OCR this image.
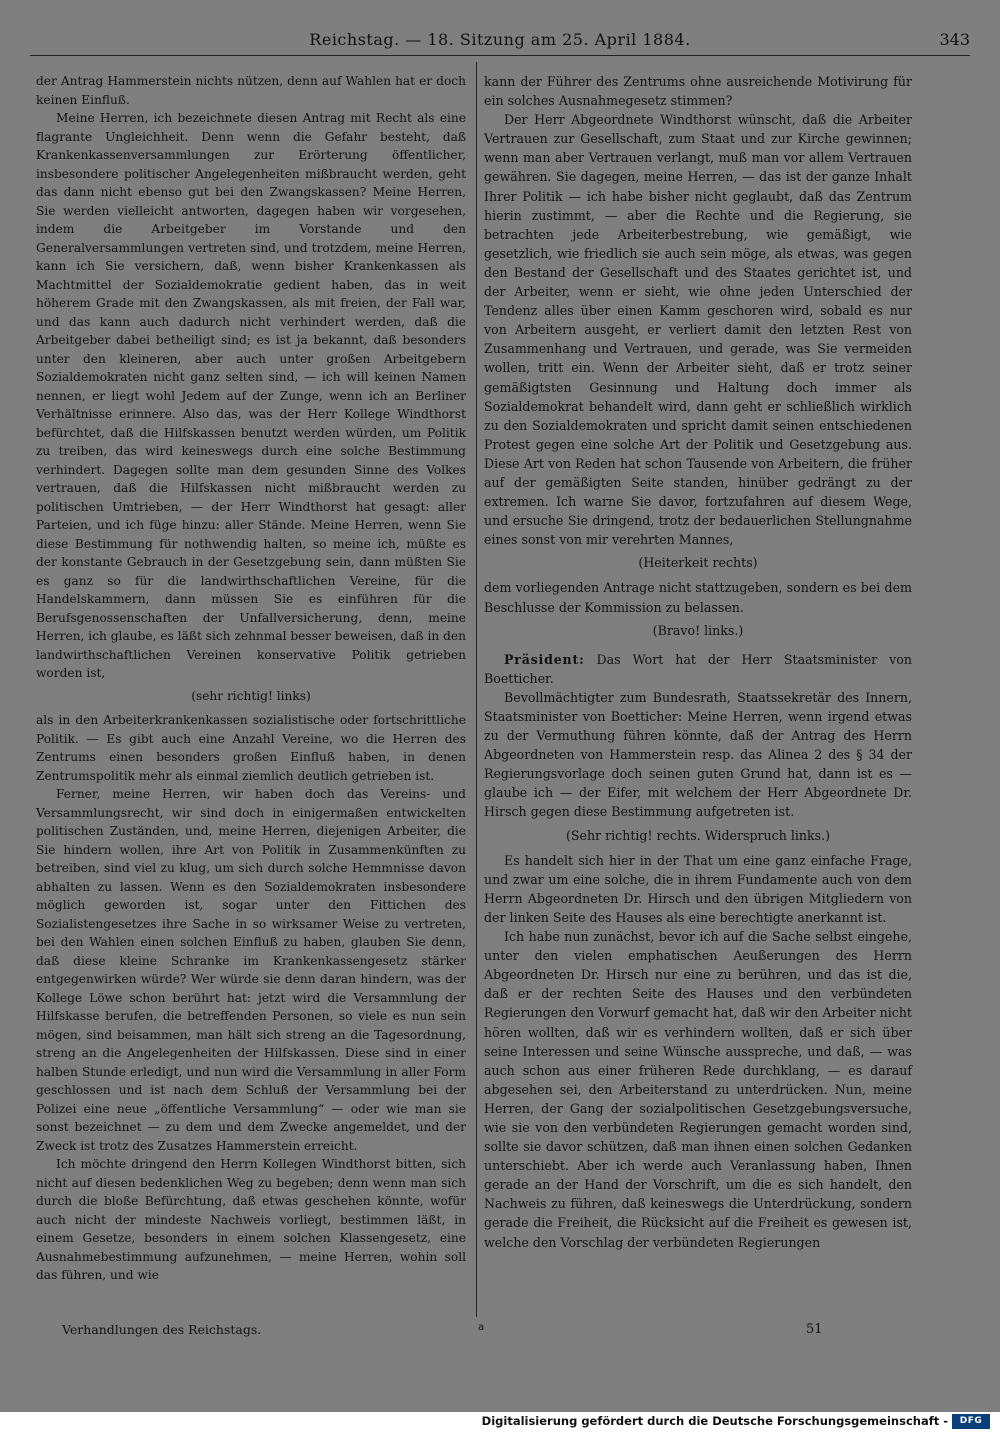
Reichstag. — 18. Sitzung am 25. April 1884.	343

der Antrag Hammerstein nichts nützen, denn auf Wahlen hat er doch keinen Einfluß.

Meine Herren, ich bezeichnete diesen Antrag mit Recht als eine flagrante Ungleichheit. Denn wenn die Gefahr besteht, daß Krankenkassenversammlungen zur Erörterung öffentlicher, insbesondere politischer Angelegenheiten mißbraucht werden, geht das dann nicht ebenso gut bei den Zwangskassen? Meine Herren, Sie werden vielleicht antworten, dagegen haben wir vorgesehen, indem die Arbeitgeber im Vorstande und den Generalversammlungen vertreten sind, und trotzdem, meine Herren, kann ich Sie versichern, daß, wenn bisher Krankenkassen als Machtmittel der Sozialdemokratie gedient haben, das in weit höherem Grade mit den Zwangskassen, als mit freien, der Fall war, und das kann auch dadurch nicht verhindert werden, daß die Arbeitgeber dabei betheiligt sind; es ist ja bekannt, daß besonders unter den kleineren, aber auch unter großen Arbeitgebern Sozialdemokraten nicht ganz selten sind, — ich will keinen Namen nennen, er liegt wohl Jedem auf der Zunge, wenn ich an Berliner Verhältnisse erinnere. Also das, was der Herr Kollege Windthorst befürchtet, daß die Hilfskassen benutzt werden würden, um Politik zu treiben, das wird keineswegs durch eine solche Bestimmung verhindert. Dagegen sollte man dem gesunden Sinne des Volkes vertrauen, daß die Hilfskassen nicht mißbraucht werden zu politischen Umtrieben, — der Herr Windthorst hat gesagt: aller Parteien, und ich füge hinzu: aller Stände. Meine Herren, wenn Sie diese Bestimmung für nothwendig halten, so meine ich, müßte es der konstante Gebrauch in der Gesetzgebung sein, dann müßten Sie es ganz so für die landwirthschaftlichen Vereine, für die Handelskammern, dann müssen Sie es einführen für die Berufsgenossenschaften der Unfallversicherung, denn, meine Herren, ich glaube, es läßt sich zehnmal besser beweisen, daß in den landwirthschaftlichen Vereinen konservative Politik getrieben worden ist,

(sehr richtig! links)

als in den Arbeiterkrankenkassen sozialistische oder fortschrittliche Politik. — Es gibt auch eine Anzahl Vereine, wo die Herren des Zentrums einen besonders großen Einfluß haben, in denen Zentrumspolitik mehr als einmal ziemlich deutlich getrieben ist.

Ferner, meine Herren, wir haben doch das Vereins- und Versammlungsrecht, wir sind doch in einigermaßen entwickelten politischen Zuständen, und, meine Herren, diejenigen Arbeiter, die Sie hindern wollen, ihre Art von Politik in Zusammenkünften zu betreiben, sind viel zu klug, um sich durch solche Hemmnisse davon abhalten zu lassen. Wenn es den Sozialdemokraten insbesondere möglich geworden ist, sogar unter den Fittichen des Sozialistengesetzes ihre Sache in so wirksamer Weise zu vertreten, bei den Wahlen einen solchen Einfluß zu haben, glauben Sie denn, daß diese kleine Schranke im Krankenkassengesetz stärker entgegenwirken würde? Wer würde sie denn daran hindern, was der Kollege Löwe schon berührt hat: jetzt wird die Versammlung der Hilfskasse berufen, die betreffenden Personen, so viele es nun sein mögen, sind beisammen, man hält sich streng an die Tagesordnung, streng an die Angelegenheiten der Hilfskassen. Diese sind in einer halben Stunde erledigt, und nun wird die Versammlung in aller Form geschlossen und ist nach dem Schluß der Versammlung bei der Polizei eine neue „öffentliche Versammlung“ — oder wie man sie sonst bezeichnet — zu dem und dem Zwecke angemeldet, und der Zweck ist trotz des Zusatzes Hammerstein erreicht.

Ich möchte dringend den Herrn Kollegen Windthorst bitten, sich nicht auf diesen bedenklichen Weg zu begeben; denn wenn man sich durch die bloße Befürchtung, daß etwas geschehen könnte, wofür auch nicht der mindeste Nachweis vorliegt, bestimmen läßt, in einem Gesetze, besonders in einem solchen Klassengesetz, eine Ausnahmebestimmung aufzunehmen, — meine Herren, wohin soll das führen, und wie

kann der Führer des Zentrums ohne ausreichende Motivirung für ein solches Ausnahmegesetz stimmen?

Der Herr Abgeordnete Windthorst wünscht, daß die Arbeiter Vertrauen zur Gesellschaft, zum Staat und zur Kirche gewinnen; wenn man aber Vertrauen verlangt, muß man vor allem Vertrauen gewähren. Sie dagegen, meine Herren, — das ist der ganze Inhalt Ihrer Politik — ich habe bisher nicht geglaubt, daß das Zentrum hierin zustimmt, — aber die Rechte und die Regierung, sie betrachten jede Arbeiterbestrebung, wie gemäßigt, wie gesetzlich, wie friedlich sie auch sein möge, als etwas, was gegen den Bestand der Gesellschaft und des Staates gerichtet ist, und der Arbeiter, wenn er sieht, wie ohne jeden Unterschied der Tendenz alles über einen Kamm geschoren wird, sobald es nur von Arbeitern ausgeht, er verliert damit den letzten Rest von Zusammenhang und Vertrauen, und gerade, was Sie vermeiden wollen, tritt ein. Wenn der Arbeiter sieht, daß er trotz seiner gemäßigtsten Gesinnung und Haltung doch immer als Sozialdemokrat behandelt wird, dann geht er schließlich wirklich zu den Sozialdemokraten und spricht damit seinen entschiedenen Protest gegen eine solche Art der Politik und Gesetzgebung aus. Diese Art von Reden hat schon Tausende von Arbeitern, die früher auf der gemäßigten Seite standen, hinüber gedrängt zu der extremen. Ich warne Sie davor, fortzufahren auf diesem Wege, und ersuche Sie dringend, trotz der bedauerlichen Stellungnahme eines sonst von mir verehrten Mannes,

(Heiterkeit rechts)

dem vorliegenden Antrage nicht stattzugeben, sondern es bei dem Beschlusse der Kommission zu belassen.

(Bravo! links.)

Präsident: Das Wort hat der Herr Staatsminister von Boetticher.

Bevollmächtigter zum Bundesrath, Staatssekretär des Innern, Staatsminister von Boetticher: Meine Herren, wenn irgend etwas zu der Vermuthung führen könnte, daß der Antrag des Herrn Abgeordneten von Hammerstein resp. das Alinea 2 des § 34 der Regierungsvorlage doch seinen guten Grund hat, dann ist es — glaube ich — der Eifer, mit welchem der Herr Abgeordnete Dr. Hirsch gegen diese Bestimmung aufgetreten ist.

(Sehr richtig! rechts. Widerspruch links.)

Es handelt sich hier in der That um eine ganz einfache Frage, und zwar um eine solche, die in ihrem Fundamente auch von dem Herrn Abgeordneten Dr. Hirsch und den übrigen Mitgliedern von der linken Seite des Hauses als eine berechtigte anerkannt ist.

Ich habe nun zunächst, bevor ich auf die Sache selbst eingehe, unter den vielen emphatischen Aeußerungen des Herrn Abgeordneten Dr. Hirsch nur eine zu berühren, und das ist die, daß er der rechten Seite des Hauses und den verbündeten Regierungen den Vorwurf gemacht hat, daß wir den Arbeiter nicht hören wollten, daß wir es verhindern wollten, daß er sich über seine Interessen und seine Wünsche ausspreche, und daß, — was auch schon aus einer früheren Rede durchklang, — es darauf abgesehen sei, den Arbeiterstand zu unterdrücken. Nun, meine Herren, der Gang der sozialpolitischen Gesetzgebungsversuche, wie sie von den verbündeten Regierungen gemacht worden sind, sollte sie davor schützen, daß man ihnen einen solchen Gedanken unterschiebt. Aber ich werde auch Veranlassung haben, Ihnen gerade an der Hand der Vorschrift, um die es sich handelt, den Nachweis zu führen, daß keineswegs die Unterdrückung, sondern gerade die Freiheit, die Rücksicht auf die Freiheit es gewesen ist, welche den Vorschlag der verbündeten Regierungen

Verhandlungen des Reichstags.	a	51
Digitalisierung gefördert durch die Deutsche Forschungsgemeinschaft -	DFG
